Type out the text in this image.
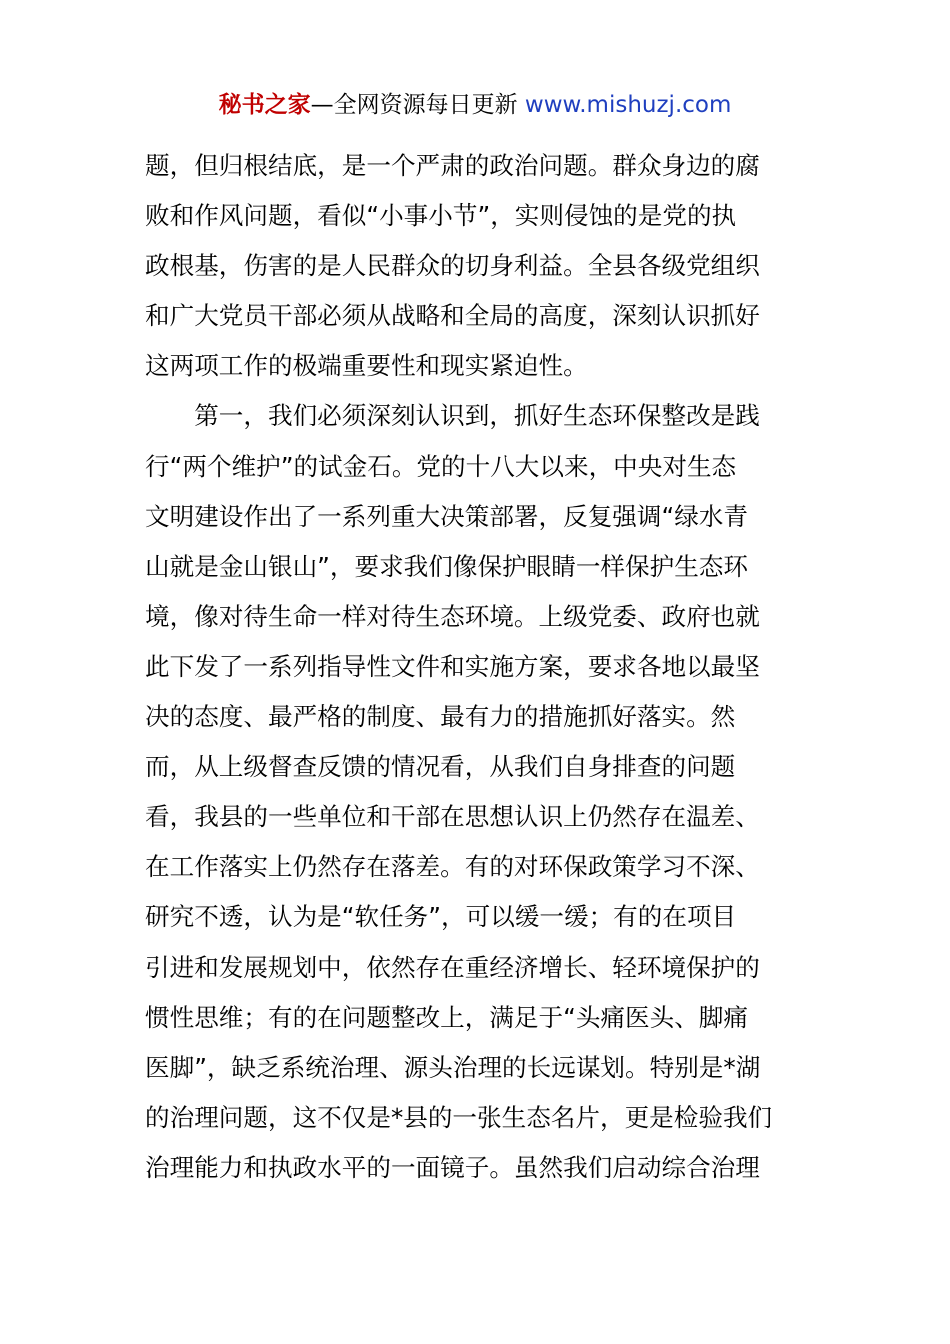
秘书之家—全网资源每日更新 www.mishuzj.com
题，但归根结底，是一个严肃的政治问题。群众身边的腐
败和作风问题，看似“小事小节”，实则侵蚀的是党的执
政根基，伤害的是人民群众的切身利益。全县各级党组织
和广大党员干部必须从战略和全局的高度，深刻认识抓好
这两项工作的极端重要性和现实紧迫性。
　　第一，我们必须深刻认识到，抓好生态环保整改是践
行“两个维护”的试金石。党的十八大以来，中央对生态
文明建设作出了一系列重大决策部署，反复强调“绿水青
山就是金山银山”，要求我们像保护眼睛一样保护生态环
境，像对待生命一样对待生态环境。上级党委、政府也就
此下发了一系列指导性文件和实施方案，要求各地以最坚
决的态度、最严格的制度、最有力的措施抓好落实。然
而，从上级督查反馈的情况看，从我们自身排查的问题
看，我县的一些单位和干部在思想认识上仍然存在温差、
在工作落实上仍然存在落差。有的对环保政策学习不深、
研究不透，认为是“软任务”，可以缓一缓；有的在项目
引进和发展规划中，依然存在重经济增长、轻环境保护的
惯性思维；有的在问题整改上，满足于“头痛医头、脚痛
医脚”，缺乏系统治理、源头治理的长远谋划。特别是*湖
的治理问题，这不仅是*县的一张生态名片，更是检验我们
治理能力和执政水平的一面镜子。虽然我们启动综合治理
